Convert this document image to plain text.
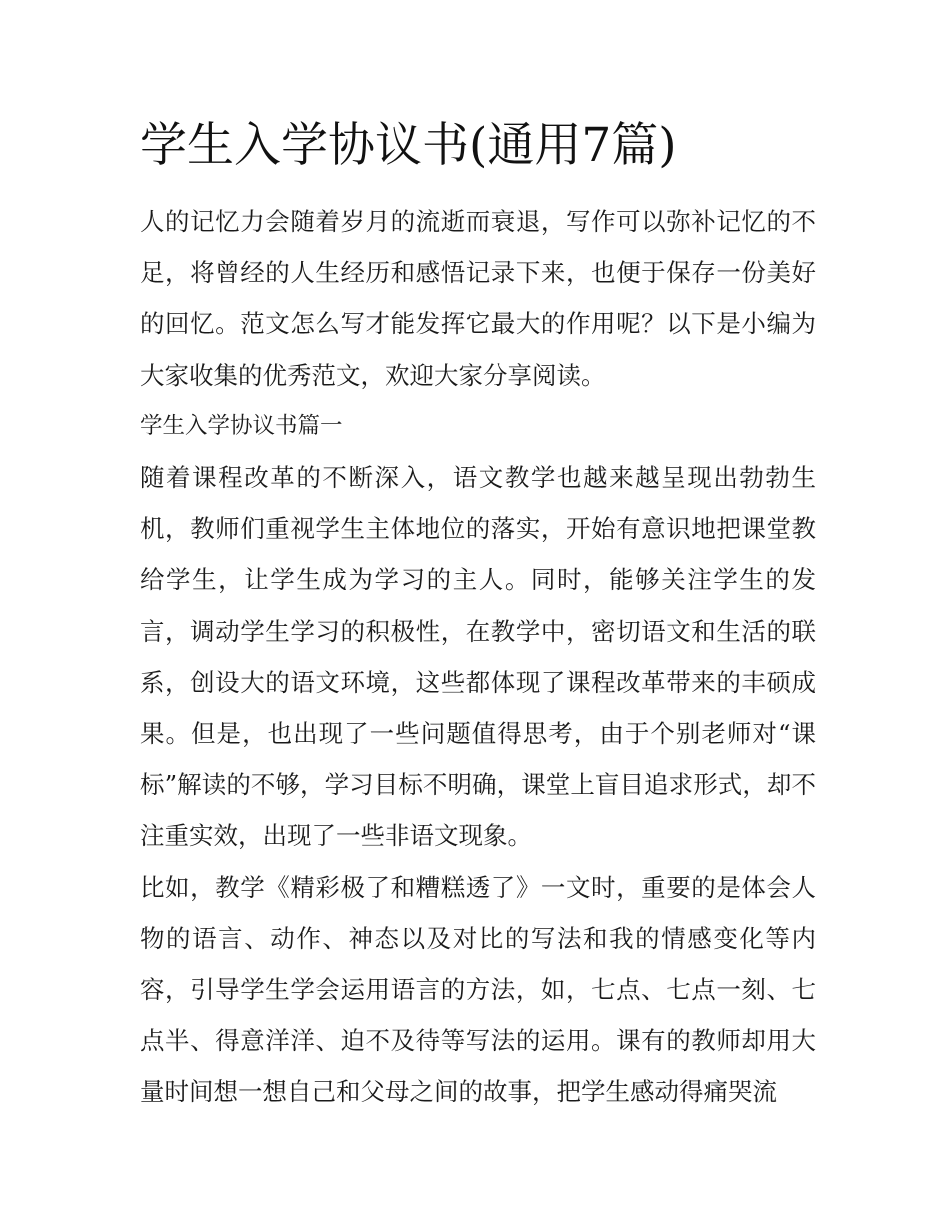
学生入学协议书(通用7篇)

人的记忆力会随着岁月的流逝而衰退，写作可以弥补记忆的不足，将曾经的人生经历和感悟记录下来，也便于保存一份美好的回忆。范文怎么写才能发挥它最大的作用呢？以下是小编为大家收集的优秀范文，欢迎大家分享阅读。

学生入学协议书篇一

随着课程改革的不断深入，语文教学也越来越呈现出勃勃生机，教师们重视学生主体地位的落实，开始有意识地把课堂教给学生，让学生成为学习的主人。同时，能够关注学生的发言，调动学生学习的积极性，在教学中，密切语文和生活的联系，创设大的语文环境，这些都体现了课程改革带来的丰硕成果。但是，也出现了一些问题值得思考，由于个别老师对“课标”解读的不够，学习目标不明确，课堂上盲目追求形式，却不注重实效，出现了一些非语文现象。

比如，教学《精彩极了和糟糕透了》一文时，重要的是体会人物的语言、动作、神态以及对比的写法和我的情感变化等内容，引导学生学会运用语言的方法，如，七点、七点一刻、七点半、得意洋洋、迫不及待等写法的运用。课有的教师却用大量时间想一想自己和父母之间的故事，把学生感动得痛哭流
